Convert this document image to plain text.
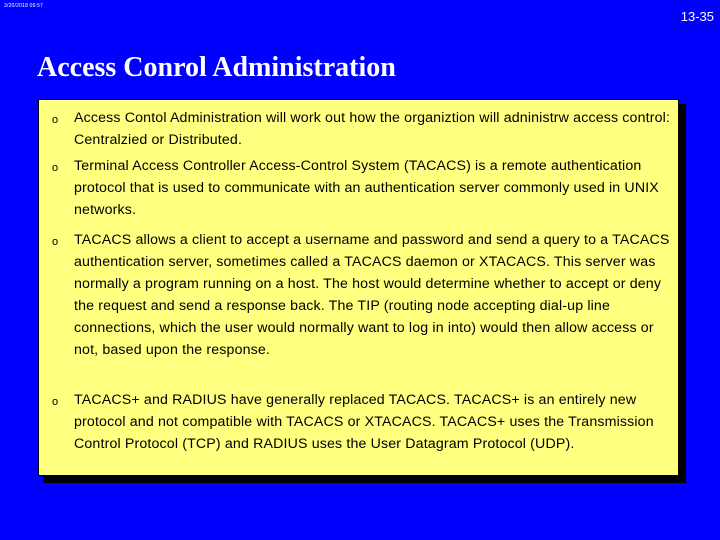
3/20/2018 09:57
13-35
Access Conrol Administration
o Access Contol Administration will work out how the organiztion will adninistrw access control: Centralzied or Distributed.
o Terminal Access Controller Access-Control System (TACACS) is a remote authentication protocol that is used to communicate with an authentication server commonly used in UNIX networks.
o TACACS allows a client to accept a username and password and send a query to a TACACS authentication server, sometimes called a TACACS daemon or XTACACS. This server was normally a program running on a host. The host would determine whether to accept or deny the request and send a response back. The TIP (routing node accepting dial-up line connections, which the user would normally want to log in into) would then allow access or not, based upon the response.
o TACACS+ and RADIUS have generally replaced TACACS. TACACS+ is an entirely new protocol and not compatible with TACACS or XTACACS. TACACS+ uses the Transmission Control Protocol (TCP) and RADIUS uses the User Datagram Protocol (UDP).
